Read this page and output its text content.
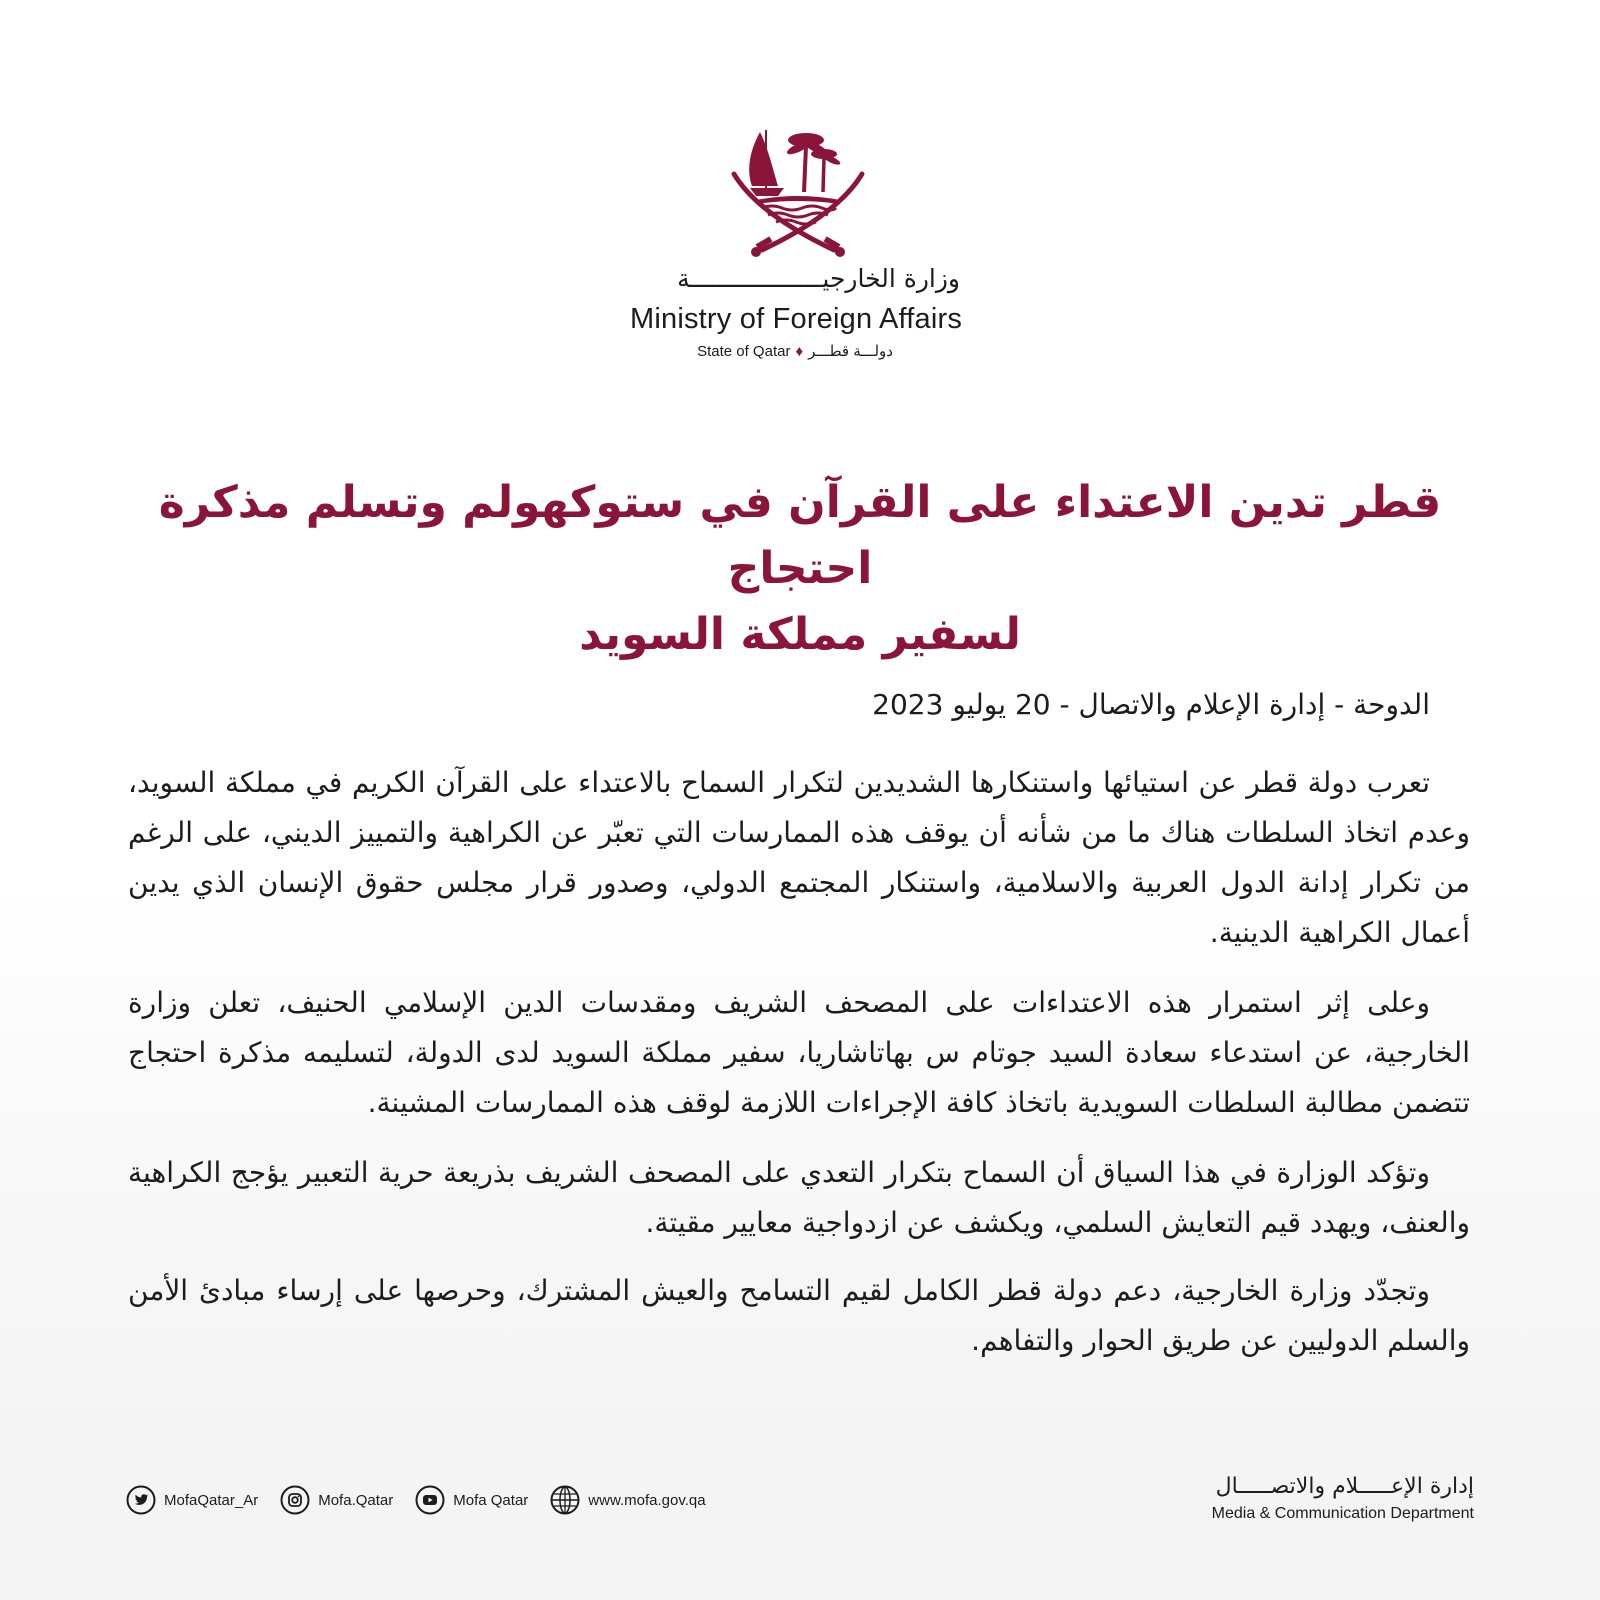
وزارة الخارجيــــــــــــــــــة
Ministry of Foreign Affairs
State of Qatar ♦ دولـــة قطـــر
قطر تدين الاعتداء على القرآن في ستوكهولم وتسلم مذكرة احتجاج
لسفير مملكة السويد
الدوحة - إدارة الإعلام والاتصال - 20 يوليو 2023
تعرب دولة قطر عن استيائها واستنكارها الشديدين لتكرار السماح بالاعتداء على القرآن الكريم في مملكة السويد، وعدم اتخاذ السلطات هناك ما من شأنه أن يوقف هذه الممارسات التي تعبّر عن الكراهية والتمييز الديني، على الرغم من تكرار إدانة الدول العربية والاسلامية، واستنكار المجتمع الدولي، وصدور قرار مجلس حقوق الإنسان الذي يدين أعمال الكراهية الدينية.
وعلى إثر استمرار هذه الاعتداءات على المصحف الشريف ومقدسات الدين الإسلامي الحنيف، تعلن وزارة الخارجية، عن استدعاء سعادة السيد جوتام س بهاتاشاريا، سفير مملكة السويد لدى الدولة، لتسليمه مذكرة احتجاج تتضمن مطالبة السلطات السويدية باتخاذ كافة الإجراءات اللازمة لوقف هذه الممارسات المشينة.
وتؤكد الوزارة في هذا السياق أن السماح بتكرار التعدي على المصحف الشريف بذريعة حرية التعبير يؤجج الكراهية والعنف، ويهدد قيم التعايش السلمي، ويكشف عن ازدواجية معايير مقيتة.
وتجدّد وزارة الخارجية، دعم دولة قطر الكامل لقيم التسامح والعيش المشترك، وحرصها على إرساء مبادئ الأمن والسلم الدوليين عن طريق الحوار والتفاهم.
MofaQatar_Ar	Mofa.Qatar	Mofa Qatar	www.mofa.gov.qa
إدارة الإعـــــلام والاتصـــــال
Media & Communication Department
